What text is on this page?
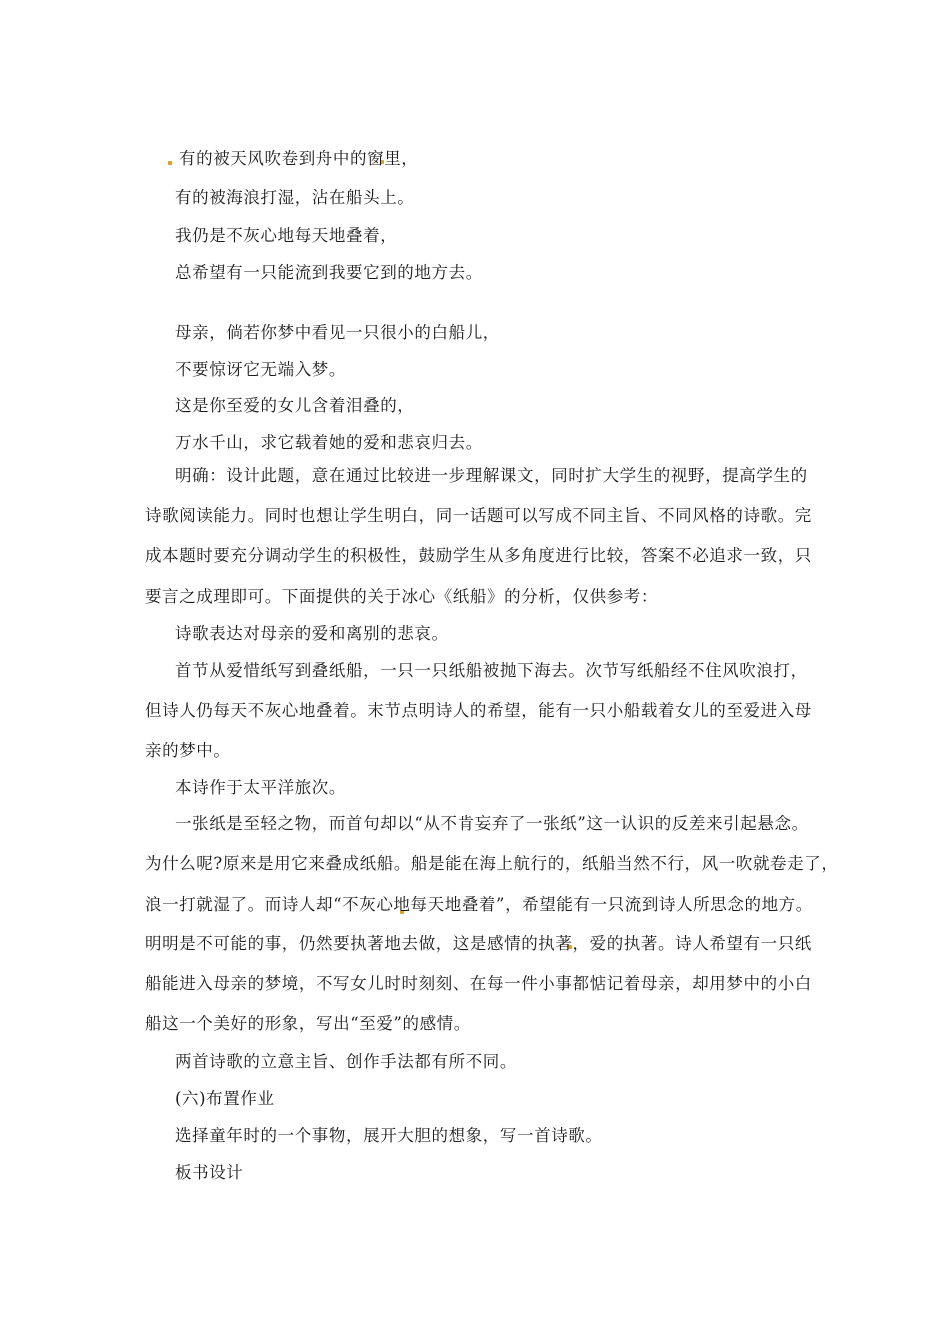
有的被天风吹卷到舟中的窗里，
有的被海浪打湿，沾在船头上。
我仍是不灰心地每天地叠着，
总希望有一只能流到我要它到的地方去。
母亲，倘若你梦中看见一只很小的白船儿，
不要惊讶它无端入梦。
这是你至爱的女儿含着泪叠的，
万水千山，求它载着她的爱和悲哀归去。
明确：设计此题，意在通过比较进一步理解课文，同时扩大学生的视野，提高学生的
诗歌阅读能力。同时也想让学生明白，同一话题可以写成不同主旨、不同风格的诗歌。完
成本题时要充分调动学生的积极性，鼓励学生从多角度进行比较，答案不必追求一致，只
要言之成理即可。下面提供的关于冰心《纸船》的分析，仅供参考：
诗歌表达对母亲的爱和离别的悲哀。
首节从爱惜纸写到叠纸船，一只一只纸船被抛下海去。次节写纸船经不住风吹浪打，
但诗人仍每天不灰心地叠着。末节点明诗人的希望，能有一只小船载着女儿的至爱进入母
亲的梦中。
本诗作于太平洋旅次。
一张纸是至轻之物，而首句却以“从不肯妄弃了一张纸”这一认识的反差来引起悬念。
为什么呢?原来是用它来叠成纸船。船是能在海上航行的，纸船当然不行，风一吹就卷走了，
浪一打就湿了。而诗人却“不灰心地每天地叠着”，希望能有一只流到诗人所思念的地方。
明明是不可能的事，仍然要执著地去做，这是感情的执著，爱的执著。诗人希望有一只纸
船能进入母亲的梦境，不写女儿时时刻刻、在每一件小事都惦记着母亲，却用梦中的小白
船这一个美好的形象，写出“至爱”的感情。
两首诗歌的立意主旨、创作手法都有所不同。
(六)布置作业
选择童年时的一个事物，展开大胆的想象，写一首诗歌。
板书设计
